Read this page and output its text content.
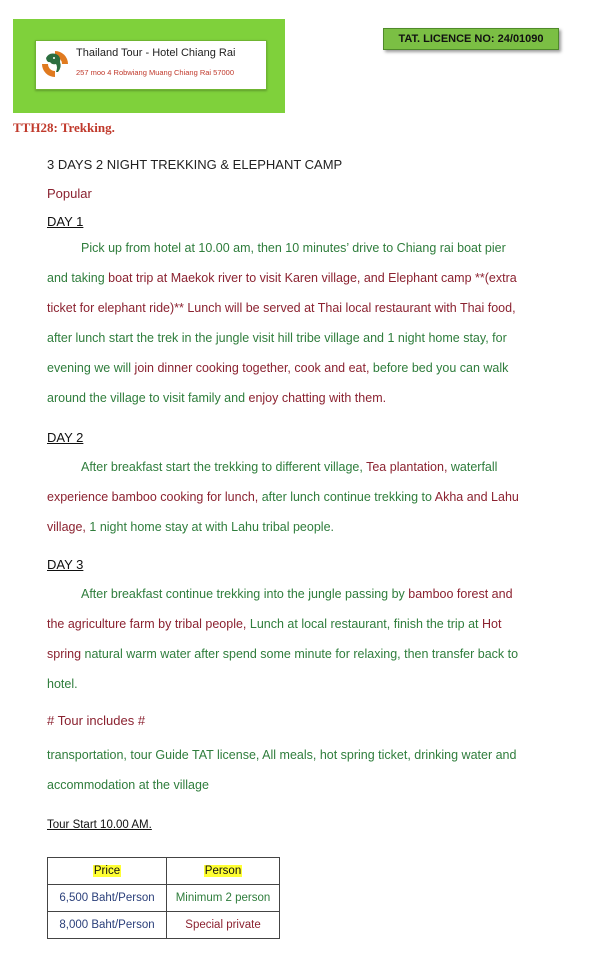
Thailand Tour - Hotel Chiang Rai
257 moo 4 Robwiang Muang Chiang Rai 57000
TAT. LICENCE NO: 24/01090
TTH28: Trekking.
3 DAYS 2 NIGHT TREKKING & ELEPHANT CAMP
Popular
DAY 1
Pick up from hotel at 10.00 am, then 10 minutes’ drive to Chiang rai boat pier
and taking boat trip at Maekok river to visit Karen village, and Elephant camp **(extra
ticket for elephant ride)** Lunch will be served at Thai local restaurant with Thai food,
after lunch start the trek in the jungle visit hill tribe village and 1 night home stay, for
evening we will join dinner cooking together, cook and eat, before bed you can walk
around the village to visit family and enjoy chatting with them.
DAY 2
After breakfast start the trekking to different village, Tea plantation, waterfall
experience bamboo cooking for lunch, after lunch continue trekking to Akha and Lahu
village, 1 night home stay at with Lahu tribal people.
DAY 3
After breakfast continue trekking into the jungle passing by bamboo forest and
the agriculture farm by tribal people, Lunch at local restaurant, finish the trip at Hot
spring natural warm water after spend some minute for relaxing, then transfer back to
hotel.
# Tour includes #
transportation, tour Guide TAT license, All meals, hot spring ticket, drinking water and
accommodation at the village
Tour Start 10.00 AM.
Price	Person
6,500 Baht/Person	Minimum 2 person
8,000 Baht/Person	Special private
